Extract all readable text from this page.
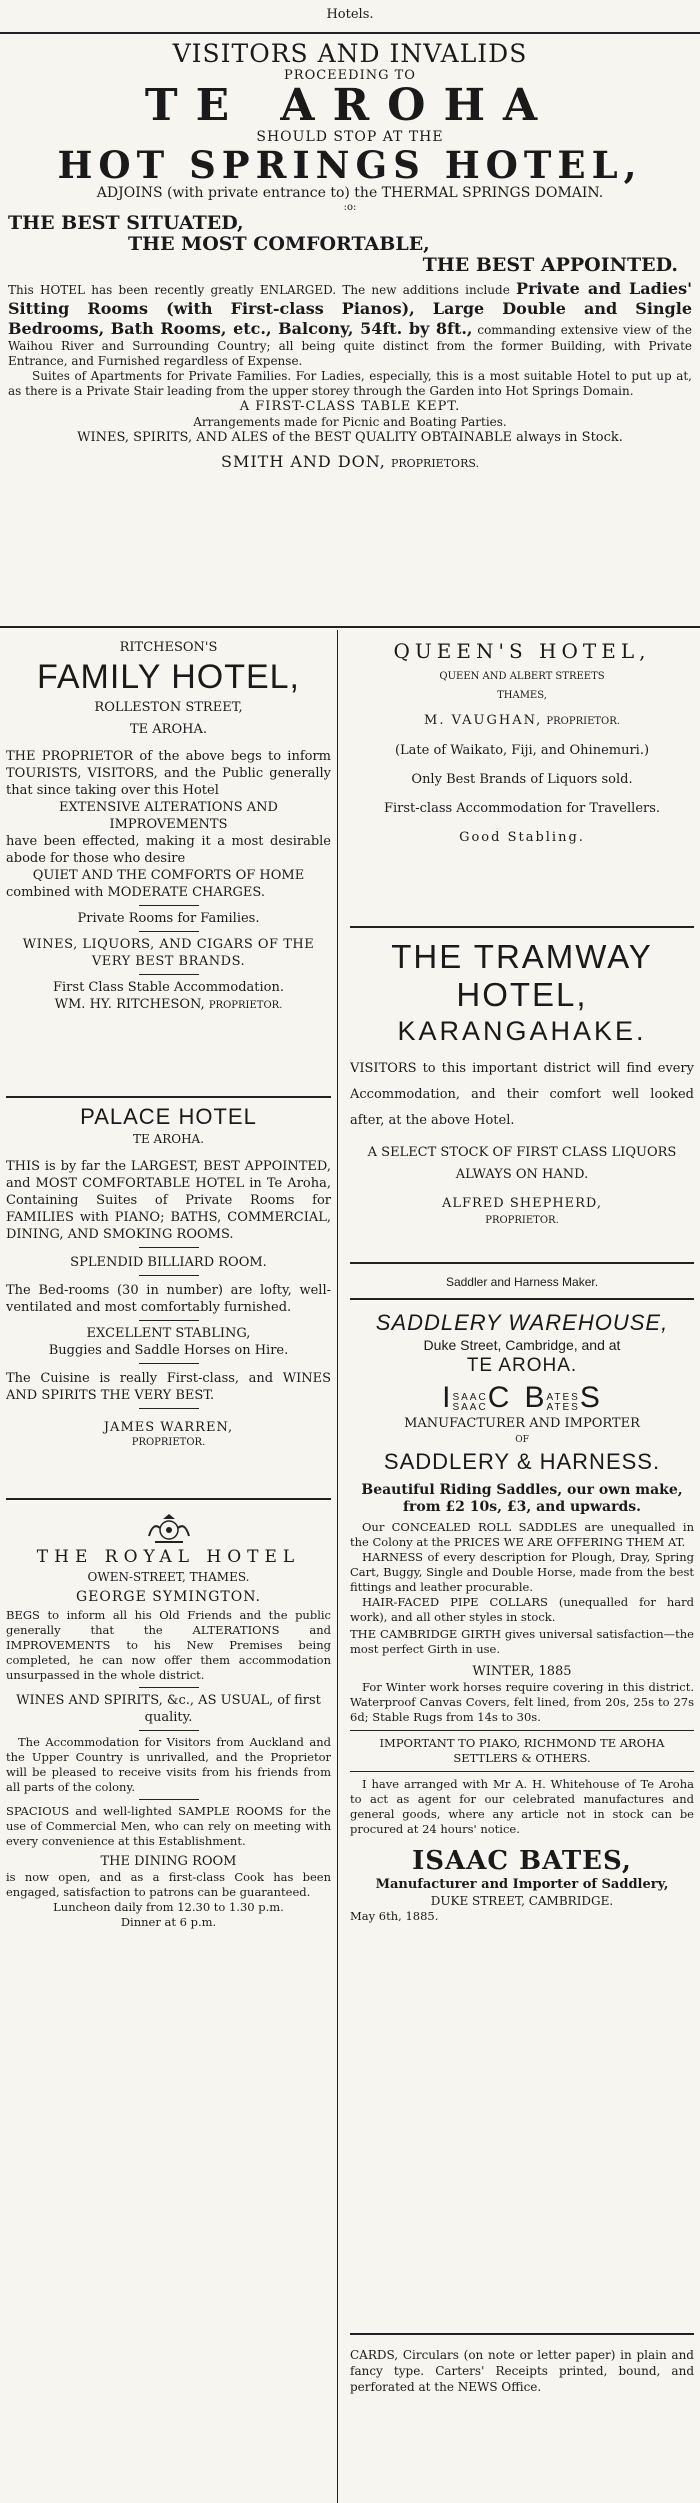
Hotels.

VISITORS AND INVALIDS

PROCEEDING TO

TE AROHA

SHOULD STOP AT THE

HOT SPRINGS HOTEL,

ADJOINS (with private entrance to) the THERMAL SPRINGS DOMAIN.

:o:

THE BEST SITUATED,

THE MOST COMFORTABLE,

THE BEST APPOINTED.

This HOTEL has been recently greatly ENLARGED. The new additions include Private and Ladies' Sitting Rooms (with First-class Pianos), Large Double and Single Bedrooms, Bath Rooms, etc., Balcony, 54ft. by 8ft., commanding extensive view of the Waihou River and Surrounding Country; all being quite distinct from the former Building, with Private Entrance, and Furnished regardless of Expense.

Suites of Apartments for Private Families. For Ladies, especially, this is a most suitable Hotel to put up at, as there is a Private Stair leading from the upper storey through the Garden into Hot Springs Domain.

A FIRST-CLASS TABLE KEPT.

Arrangements made for Picnic and Boating Parties.

WINES, SPIRITS, AND ALES of the BEST QUALITY OBTAINABLE always in Stock.

SMITH AND DON, PROPRIETORS.

RITCHESON'S

FAMILY HOTEL,

ROLLESTON STREET,

TE AROHA.

THE PROPRIETOR of the above begs to inform TOURISTS, VISITORS, and the Public generally that since taking over this Hotel

EXTENSIVE ALTERATIONS AND IMPROVEMENTS

have been effected, making it a most desirable abode for those who desire

QUIET AND THE COMFORTS OF HOME

combined with MODERATE CHARGES.

Private Rooms for Families.

WINES, LIQUORS, AND CIGARS OF THE VERY BEST BRANDS.

First Class Stable Accommodation.

WM. HY. RITCHESON, PROPRIETOR.

PALACE HOTEL

TE AROHA.

THIS is by far the LARGEST, BEST APPOINTED, and MOST COMFORTABLE HOTEL in Te Aroha, Containing Suites of Private Rooms for FAMILIES with PIANO; BATHS, COMMERCIAL, DINING, AND SMOKING ROOMS.

SPLENDID BILLIARD ROOM.

The Bed-rooms (30 in number) are lofty, well-ventilated and most comfortably furnished.

EXCELLENT STABLING,

Buggies and Saddle Horses on Hire.

The Cuisine is really First-class, and WINES AND SPIRITS THE VERY BEST.

JAMES WARREN,

PROPRIETOR.

THE ROYAL HOTEL

OWEN-STREET, THAMES.

GEORGE SYMINGTON.

BEGS to inform all his Old Friends and the public generally that the ALTERATIONS and IMPROVEMENTS to his New Premises being completed, he can now offer them accommodation unsurpassed in the whole district.

WINES AND SPIRITS, &c., AS USUAL, of first quality.

The Accommodation for Visitors from Auckland and the Upper Country is unrivalled, and the Proprietor will be pleased to receive visits from his friends from all parts of the colony.

SPACIOUS and well-lighted SAMPLE ROOMS for the use of Commercial Men, who can rely on meeting with every convenience at this Establishment.

THE DINING ROOM

is now open, and as a first-class Cook has been engaged, satisfaction to patrons can be guaranteed.

Luncheon daily from 12.30 to 1.30 p.m.

Dinner at 6 p.m.

QUEEN'S HOTEL,

QUEEN AND ALBERT STREETS

THAMES,

M. VAUGHAN, PROPRIETOR.

(Late of Waikato, Fiji, and Ohinemuri.)

Only Best Brands of Liquors sold.

First-class Accommodation for Travellers.

Good Stabling.

THE TRAMWAY

HOTEL,

KARANGAHAKE.

VISITORS to this important district will find every Accommodation, and their comfort well looked after, at the above Hotel.

A SELECT STOCK OF FIRST CLASS LIQUORS ALWAYS ON HAND.

ALFRED SHEPHERD,

PROPRIETOR.

Saddler and Harness Maker.

SADDLERY WAREHOUSE,

Duke Street, Cambridge, and at

TE AROHA.

ISAAC
SAACC BATES
ATESS

MANUFACTURER AND IMPORTER

OF

SADDLERY & HARNESS.

Beautiful Riding Saddles, our own make, from £2 10s, £3, and upwards.

Our CONCEALED ROLL SADDLES are unequalled in the Colony at the PRICES WE ARE OFFERING THEM AT.

HARNESS of every description for Plough, Dray, Spring Cart, Buggy, Single and Double Horse, made from the best fittings and leather procurable.

HAIR-FACED PIPE COLLARS (unequalled for hard work), and all other styles in stock.

THE CAMBRIDGE GIRTH gives universal satisfaction—the most perfect Girth in use.

WINTER, 1885

For Winter work horses require covering in this district. Waterproof Canvas Covers, felt lined, from 20s, 25s to 27s 6d; Stable Rugs from 14s to 30s.

IMPORTANT TO PIAKO, RICHMOND TE AROHA SETTLERS & OTHERS.

I have arranged with Mr A. H. Whitehouse of Te Aroha to act as agent for our celebrated manufactures and general goods, where any article not in stock can be procured at 24 hours' notice.

ISAAC BATES,

Manufacturer and Importer of Saddlery,

DUKE STREET, CAMBRIDGE.

May 6th, 1885.

CARDS, Circulars (on note or letter paper) in plain and fancy type. Carters' Receipts printed, bound, and perforated at the NEWS Office.
